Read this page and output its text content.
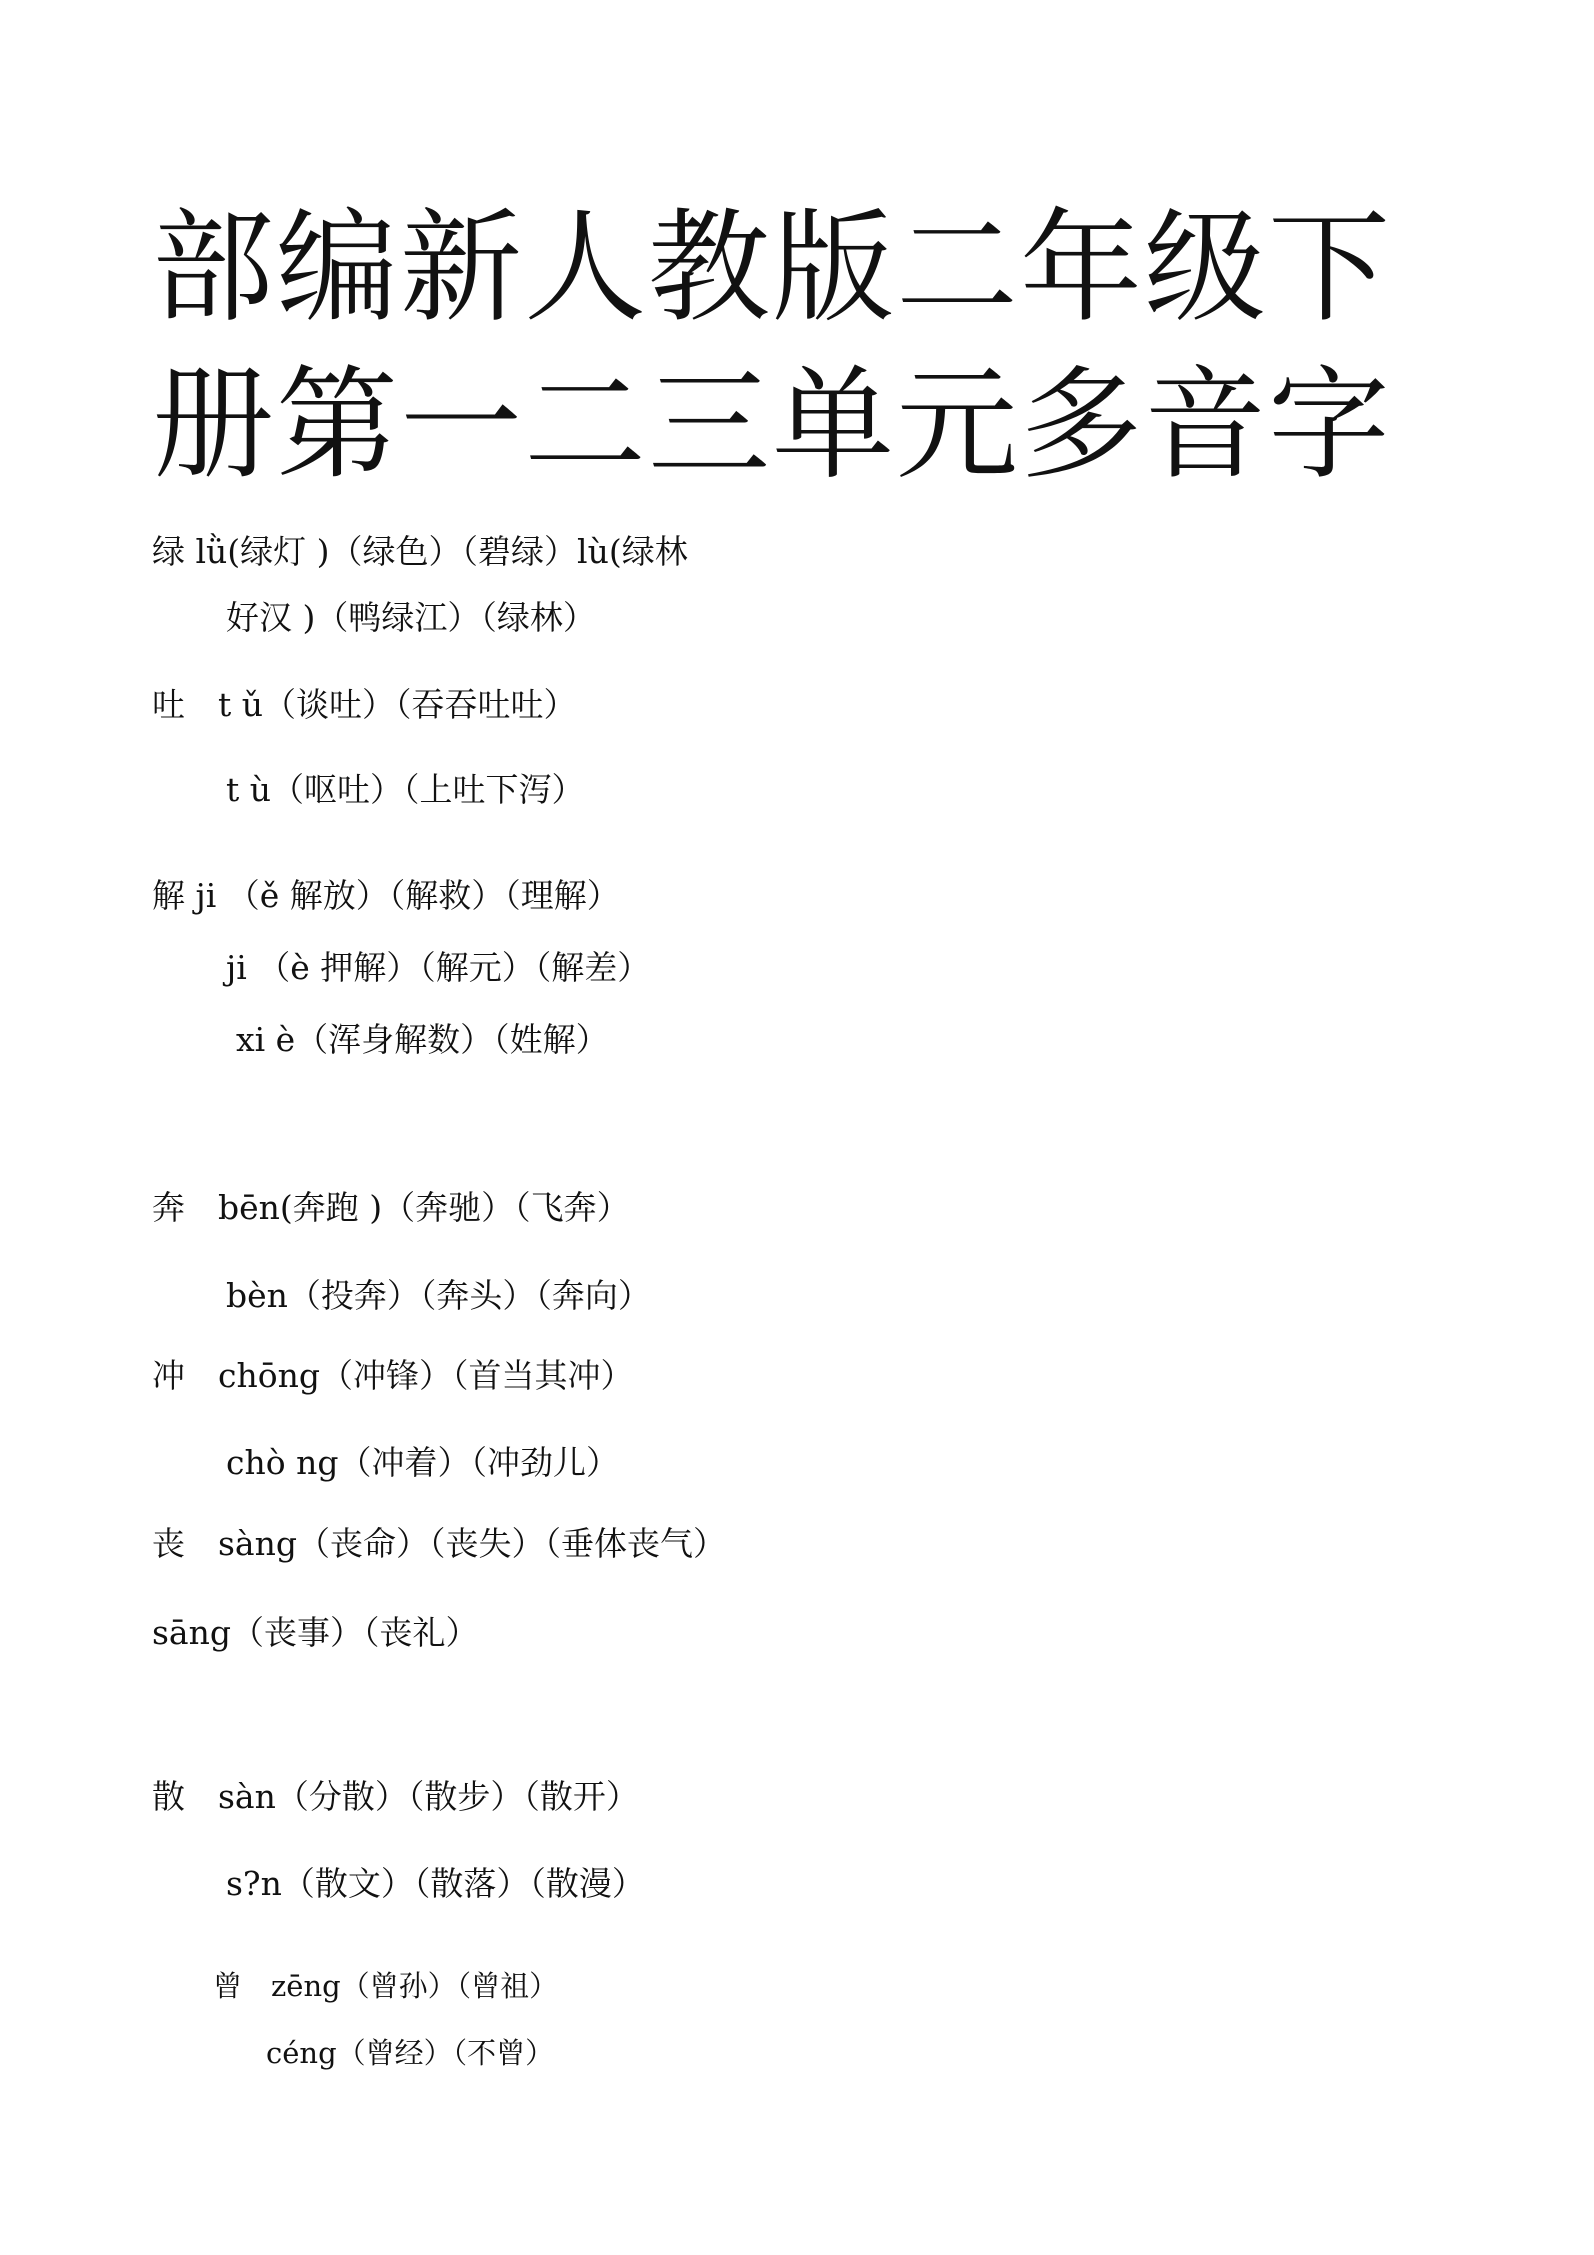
部编新人教版二年级下
册第一二三单元多音字
绿 lǜ(绿灯 )（绿色）（碧绿）lù(绿林
好汉 )（鸭绿江）（绿林）
吐　t ǔ（谈吐）（吞吞吐吐）
t ù（呕吐）（上吐下泻）
解 ji （ě 解放）（解救）（理解）
ji （è 押解）（解元）（解差）
xi è（浑身解数）（姓解）
奔　bēn(奔跑 )（奔驰）（飞奔）
bèn（投奔）（奔头）（奔向）
冲　chōng（冲锋）（首当其冲）
chò ng（冲着）（冲劲儿）
丧　sàng（丧命）（丧失）（垂体丧气）
sāng（丧事）（丧礼）
散　sàn（分散）（散步）（散开）
s?n（散文）（散落）（散漫）
曾　zēng（曾孙）（曾祖）
céng（曾经）（不曾）
